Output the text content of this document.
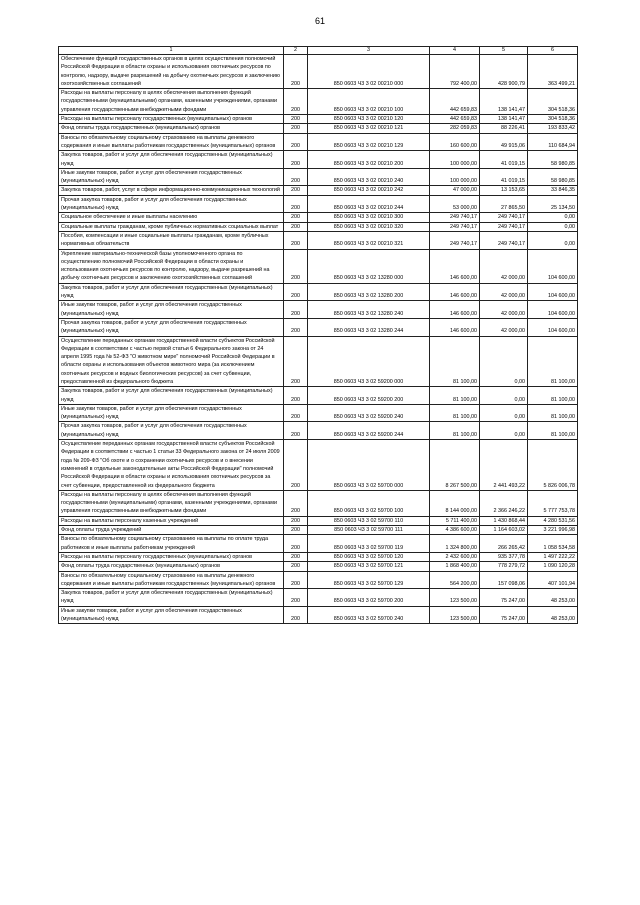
61
1	2	3	4	5	6
Обеспечение функций государственных органов в целях осуществления полномочий Российской Федерации в области охраны и использования охотничьих ресурсов по контролю, надзору, выдаче разрешений на добычу охотничьих ресурсов и заключению охотхозяйственных соглашений	200	850 0603 Ч3 3 02 00210 000	792 400,00	428 900,79	363 499,21
Расходы на выплаты персоналу в целях обеспечения выполнения функций государственными (муниципальными) органами, казенными учреждениями, органами управления государственными внебюджетными фондами	200	850 0603 Ч3 3 02 00210 100	442 659,83	138 141,47	304 518,36
Расходы на выплаты персоналу государственных (муниципальных) органов	200	850 0603 Ч3 3 02 00210 120	442 659,83	138 141,47	304 518,36
Фонд оплаты труда государственных (муниципальных) органов	200	850 0603 Ч3 3 02 00210 121	282 059,83	88 226,41	193 833,42
Взносы по обязательному социальному страхованию на выплаты денежного содержания и иные выплаты работникам государственных (муниципальных) органов	200	850 0603 Ч3 3 02 00210 129	160 600,00	49 915,06	110 684,94
Закупка товаров, работ и услуг для обеспечения государственных (муниципальных) нужд	200	850 0603 Ч3 3 02 00210 200	100 000,00	41 019,15	58 980,85
Иные закупки товаров, работ и услуг для обеспечения государственных (муниципальных) нужд	200	850 0603 Ч3 3 02 00210 240	100 000,00	41 019,15	58 980,85
Закупка товаров, работ, услуг в сфере информационно-коммуникационных технологий	200	850 0603 Ч3 3 02 00210 242	47 000,00	13 153,65	33 846,35
Прочая закупка товаров, работ и услуг для обеспечения государственных (муниципальных) нужд	200	850 0603 Ч3 3 02 00210 244	53 000,00	27 865,50	25 134,50
Социальное обеспечение и иные выплаты населению	200	850 0603 Ч3 3 02 00210 300	249 740,17	249 740,17	0,00
Социальные выплаты гражданам, кроме публичных нормативных социальных выплат	200	850 0603 Ч3 3 02 00210 320	249 740,17	249 740,17	0,00
Пособия, компенсации и иные социальные выплаты гражданам, кроме публичных нормативных обязательств	200	850 0603 Ч3 3 02 00210 321	249 740,17	249 740,17	0,00
Укрепление материально-технической базы уполномоченного органа по осуществлению полномочий Российской Федерации в области охраны и использования охотничьих ресурсов по контролю, надзору, выдаче разрешений на добычу охотничьих ресурсов и заключению охотхозяйственных соглашений	200	850 0603 Ч3 3 02 13280 000	146 600,00	42 000,00	104 600,00
Закупка товаров, работ и услуг для обеспечения государственных (муниципальных) нужд	200	850 0603 Ч3 3 02 13280 200	146 600,00	42 000,00	104 600,00
Иные закупки товаров, работ и услуг для обеспечения государственных (муниципальных) нужд	200	850 0603 Ч3 3 02 13280 240	146 600,00	42 000,00	104 600,00
Прочая закупка товаров, работ и услуг для обеспечения государственных (муниципальных) нужд	200	850 0603 Ч3 3 02 13280 244	146 600,00	42 000,00	104 600,00
Осуществление переданных органам государственной власти субъектов Российской Федерации в соответствии с частью первой статьи 6 Федерального закона от 24 апреля 1995 года № 52-ФЗ "О животном мире" полномочий Российской Федерации в области охраны и использования объектов животного мира (за исключением охотничьих ресурсов и водных биологических ресурсов) за счет субвенции, предоставленной из федерального бюджета	200	850 0603 Ч3 3 02 59200 000	81 100,00	0,00	81 100,00
Закупка товаров, работ и услуг для обеспечения государственных (муниципальных) нужд	200	850 0603 Ч3 3 02 59200 200	81 100,00	0,00	81 100,00
Иные закупки товаров, работ и услуг для обеспечения государственных (муниципальных) нужд	200	850 0603 Ч3 3 02 59200 240	81 100,00	0,00	81 100,00
Прочая закупка товаров, работ и услуг для обеспечения государственных (муниципальных) нужд	200	850 0603 Ч3 3 02 59200 244	81 100,00	0,00	81 100,00
Осуществление переданных органам государственной власти субъектов Российской Федерации в соответствии с частью 1 статьи 33 Федерального закона от 24 июля 2009 года № 209-ФЗ "Об охоте и о сохранении охотничьих ресурсов и о внесении изменений в отдельные законодательные акты Российской Федерации" полномочий Российской Федерации в области охраны и использования охотничьих ресурсов за счет субвенции, предоставленной из федерального бюджета	200	850 0603 Ч3 3 02 59700 000	8 267 500,00	2 441 493,22	5 826 006,78
Расходы на выплаты персоналу в целях обеспечения выполнения функций государственными (муниципальными) органами, казенными учреждениями, органами управления государственными внебюджетными фондами	200	850 0603 Ч3 3 02 59700 100	8 144 000,00	2 366 246,22	5 777 753,78
Расходы на выплаты персоналу казенных учреждений	200	850 0603 Ч3 3 02 59700 110	5 711 400,00	1 430 868,44	4 280 531,56
Фонд оплаты труда учреждений	200	850 0603 Ч3 3 02 59700 111	4 386 600,00	1 164 603,02	3 221 996,98
Взносы по обязательному социальному страхованию на выплаты по оплате труда работников и иные выплаты работникам учреждений	200	850 0603 Ч3 3 02 59700 119	1 324 800,00	266 265,42	1 058 534,58
Расходы на выплаты персоналу государственных (муниципальных) органов	200	850 0603 Ч3 3 02 59700 120	2 432 600,00	935 377,78	1 497 222,22
Фонд оплаты труда государственных (муниципальных) органов	200	850 0603 Ч3 3 02 59700 121	1 868 400,00	778 279,72	1 090 120,28
Взносы по обязательному социальному страхованию на выплаты денежного содержания и иные выплаты работникам государственных (муниципальных) органов	200	850 0603 Ч3 3 02 59700 129	564 200,00	157 098,06	407 101,94
Закупка товаров, работ и услуг для обеспечения государственных (муниципальных) нужд	200	850 0603 Ч3 3 02 59700 200	123 500,00	75 247,00	48 253,00
Иные закупки товаров, работ и услуг для обеспечения государственных (муниципальных) нужд	200	850 0603 Ч3 3 02 59700 240	123 500,00	75 247,00	48 253,00
